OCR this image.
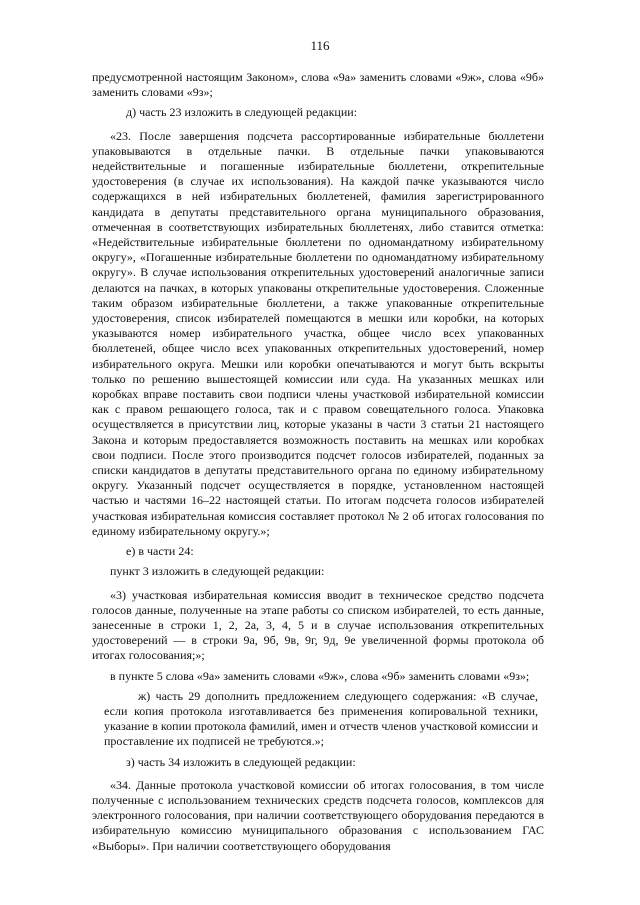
116

предусмотренной настоящим Законом», слова «9а» заменить словами «9ж», слова «9б» заменить словами «9з»;

д) часть 23 изложить в следующей редакции:

«23. После завершения подсчета рассортированные избирательные бюллетени упаковываются в отдельные пачки. В отдельные пачки упаковываются недействительные и погашенные избирательные бюллетени, открепительные удостоверения (в случае их использования). На каждой пачке указываются число содержащихся в ней избирательных бюллетеней, фамилия зарегистрированного кандидата в депутаты представительного органа муниципального образования, отмеченная в соответствующих избирательных бюллетенях, либо ставится отметка: «Недействительные избирательные бюллетени по одномандатному избирательному округу», «Погашенные избирательные бюллетени по одномандатному избирательному округу». В случае использования открепительных удостоверений аналогичные записи делаются на пачках, в которых упакованы открепительные удостоверения. Сложенные таким образом избирательные бюллетени, а также упакованные открепительные удостоверения, список избирателей помещаются в мешки или коробки, на которых указываются номер избирательного участка, общее число всех упакованных бюллетеней, общее число всех упакованных открепительных удостоверений, номер избирательного округа. Мешки или коробки опечатываются и могут быть вскрыты только по решению вышестоящей комиссии или суда. На указанных мешках или коробках вправе поставить свои подписи члены участковой избирательной комиссии как с правом решающего голоса, так и с правом совещательного голоса. Упаковка осуществляется в присутствии лиц, которые указаны в части 3 статьи 21 настоящего Закона и которым предоставляется возможность поставить на мешках или коробках свои подписи. После этого производится подсчет голосов избирателей, поданных за списки кандидатов в депутаты представительного органа по единому избирательному округу. Указанный подсчет осуществляется в порядке, установленном настоящей частью и частями 16–22 настоящей статьи. По итогам подсчета голосов избирателей участковая избирательная комиссия составляет протокол № 2 об итогах голосования по единому избирательному округу.»;

е) в части 24:

пункт 3 изложить в следующей редакции:

«3) участковая избирательная комиссия вводит в техническое средство подсчета голосов данные, полученные на этапе работы со списком избирателей, то есть данные, занесенные в строки 1, 2, 2а, 3, 4, 5 и в случае использования открепительных удостоверений — в строки 9а, 9б, 9в, 9г, 9д, 9е увеличенной формы протокола об итогах голосования;»;

в пункте 5 слова «9а» заменить словами «9ж», слова «9б» заменить словами «9з»;

ж) часть 29 дополнить предложением следующего содержания: «В случае, если копия протокола изготавливается без применения копировальной техники, указание в копии протокола фамилий, имен и отчеств членов участковой комиссии и проставление их подписей не требуются.»;

з) часть 34 изложить в следующей редакции:

«34. Данные протокола участковой комиссии об итогах голосования, в том числе полученные с использованием технических средств подсчета голосов, комплексов для электронного голосования, при наличии соответствующего оборудования передаются в избирательную комиссию муниципального образования с использованием ГАС «Выборы». При наличии соответствующего оборудования
